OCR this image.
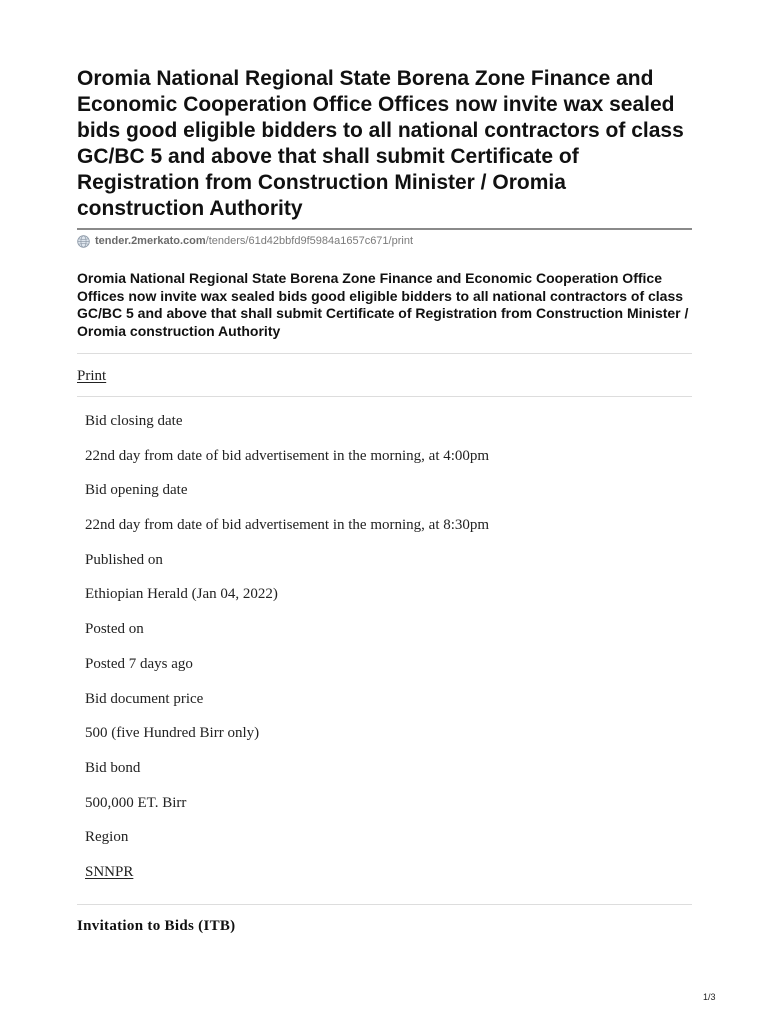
Oromia National Regional State Borena Zone Finance and Economic Cooperation Office Offices now invite wax sealed bids good eligible bidders to all national contractors of class GC/BC 5 and above that shall submit Certificate of Registration from Construction Minister / Oromia construction Authority
tender.2merkato.com /tenders/61d42bbfd9f5984a1657c671/print
Oromia National Regional State Borena Zone Finance and Economic Cooperation Office Offices now invite wax sealed bids good eligible bidders to all national contractors of class GC/BC 5 and above that shall submit Certificate of Registration from Construction Minister / Oromia construction Authority
Print
Bid closing date
22nd day from date of bid advertisement in the morning, at 4:00pm
Bid opening date
22nd day from date of bid advertisement in the morning, at 8:30pm
Published on
Ethiopian Herald (Jan 04, 2022)
Posted on
Posted 7 days ago
Bid document price
500 (five Hundred Birr only)
Bid bond
500,000 ET. Birr
Region
SNNPR
Invitation to Bids (ITB)
1/3
